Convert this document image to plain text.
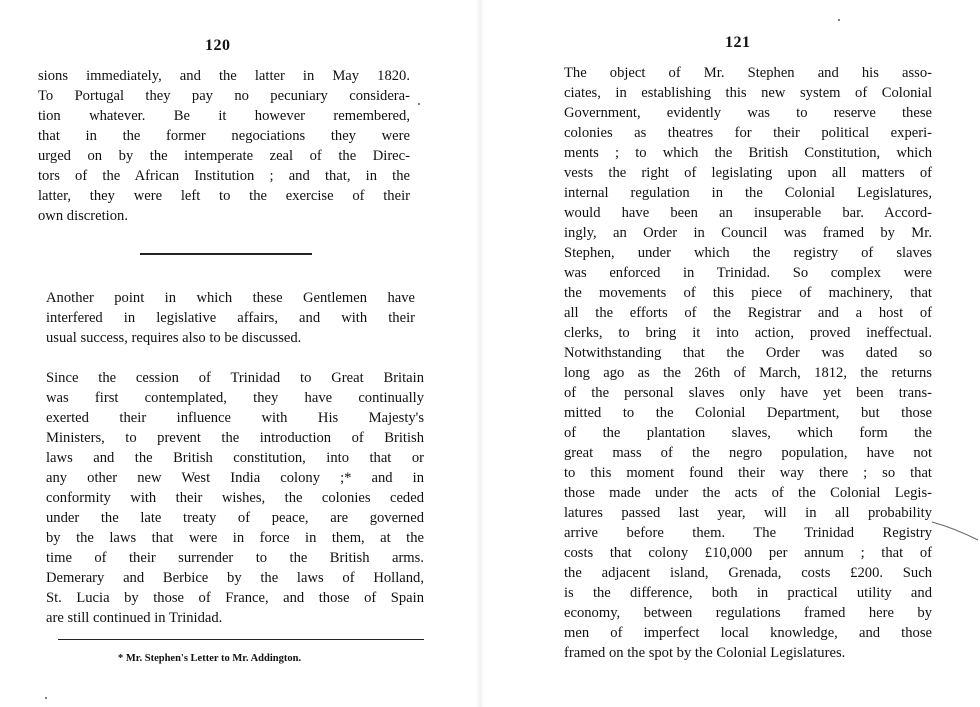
120
sions immediately, and the latter in May 1820.
To Portugal they pay no pecuniary considera-
tion whatever. Be it however remembered,
that in the former negociations they were
urged on by the intemperate zeal of the Direc-
tors of the African Institution ; and that, in the
latter, they were left to the exercise of their
own discretion.
Another point in which these Gentlemen have
interfered in legislative affairs, and with their
usual success, requires also to be discussed.
Since the cession of Trinidad to Great Britain
was first contemplated, they have continually
exerted their influence with His Majesty's
Ministers, to prevent the introduction of British
laws and the British constitution, into that or
any other new West India colony ;* and in
conformity with their wishes, the colonies ceded
under the late treaty of peace, are governed
by the laws that were in force in them, at the
time of their surrender to the British arms.
Demerary and Berbice by the laws of Holland,
St. Lucia by those of France, and those of Spain
are still continued in Trinidad.
* Mr. Stephen's Letter to Mr. Addington.
121
The object of Mr. Stephen and his asso-
ciates, in establishing this new system of Colonial
Government, evidently was to reserve these
colonies as theatres for their political experi-
ments ; to which the British Constitution, which
vests the right of legislating upon all matters of
internal regulation in the Colonial Legislatures,
would have been an insuperable bar. Accord-
ingly, an Order in Council was framed by Mr.
Stephen, under which the registry of slaves
was enforced in Trinidad. So complex were
the movements of this piece of machinery, that
all the efforts of the Registrar and a host of
clerks, to bring it into action, proved ineffectual.
Notwithstanding that the Order was dated so
long ago as the 26th of March, 1812, the returns
of the personal slaves only have yet been trans-
mitted to the Colonial Department, but those
of the plantation slaves, which form the
great mass of the negro population, have not
to this moment found their way there ; so that
those made under the acts of the Colonial Legis-
latures passed last year, will in all probability
arrive before them. The Trinidad Registry
costs that colony £10,000 per annum ; that of
the adjacent island, Grenada, costs £200. Such
is the difference, both in practical utility and
economy, between regulations framed here by
men of imperfect local knowledge, and those
framed on the spot by the Colonial Legislatures.
